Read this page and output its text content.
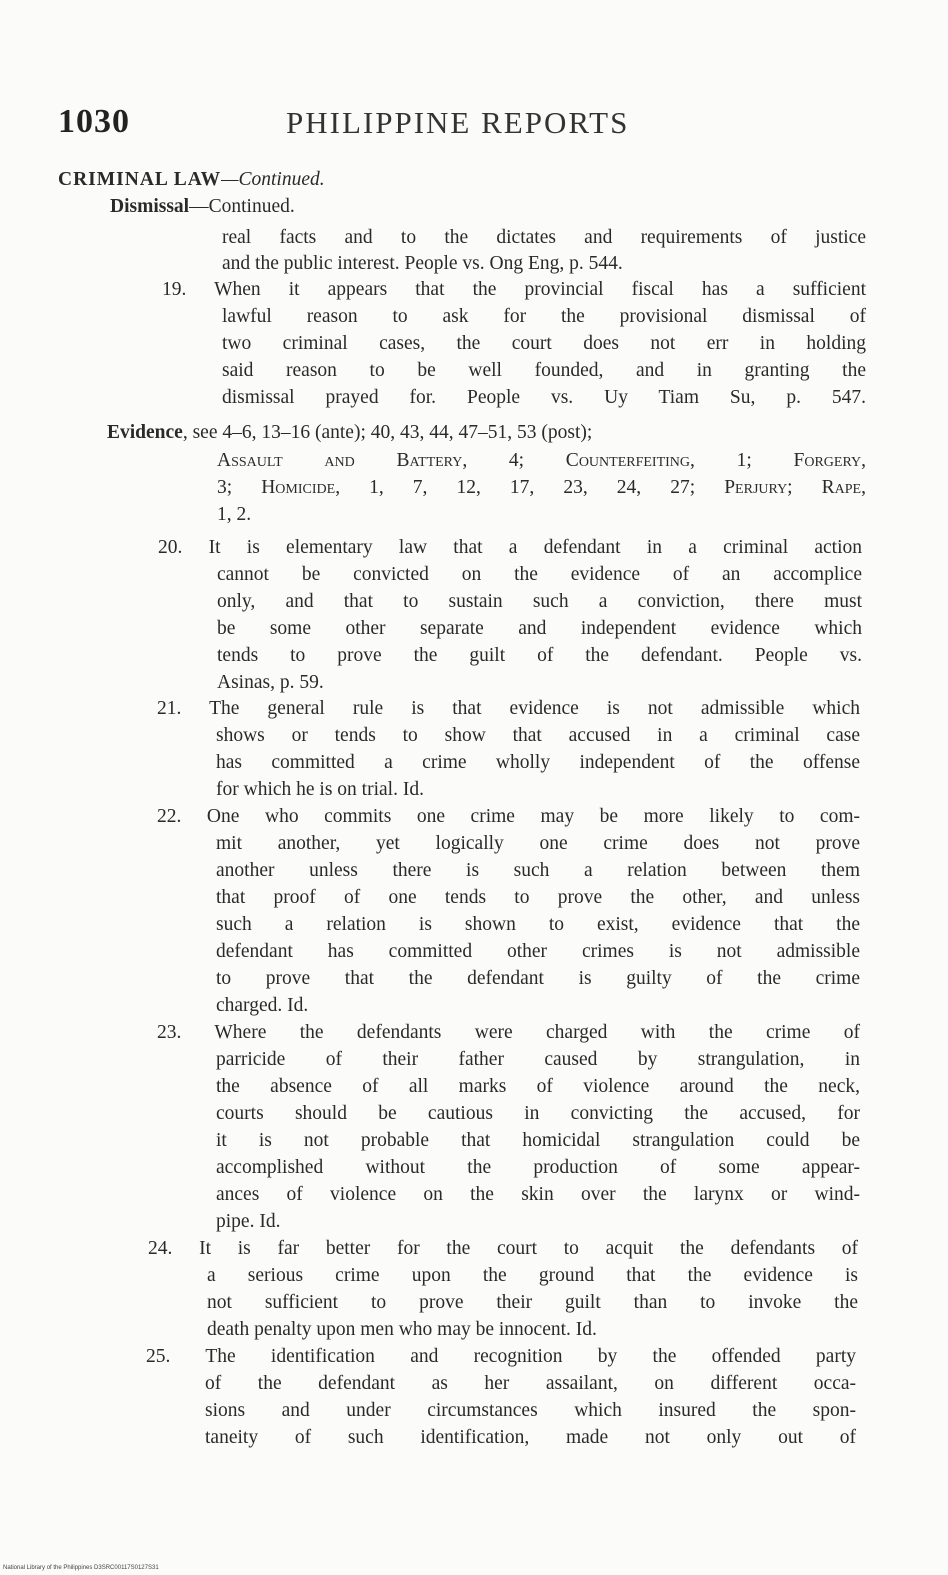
1030	PHILIPPINE REPORTS
CRIMINAL LAW—Continued.
Dismissal—Continued.
real facts and to the dictates and requirements of justice
and the public interest. People vs. Ong Eng, p. 544.
19. When it appears that the provincial fiscal has a sufficient
lawful reason to ask for the provisional dismissal of
two criminal cases, the court does not err in holding
said reason to be well founded, and in granting the
dismissal prayed for. People vs. Uy Tiam Su, p. 547.
Evidence, see 4–6, 13–16 (ante); 40, 43, 44, 47–51, 53 (post);
Assault and Battery, 4; Counterfeiting, 1; Forgery,
3; Homicide, 1, 7, 12, 17, 23, 24, 27; Perjury; Rape,
1, 2.
20. It is elementary law that a defendant in a criminal action
cannot be convicted on the evidence of an accomplice
only, and that to sustain such a conviction, there must
be some other separate and independent evidence which
tends to prove the guilt of the defendant. People vs.
Asinas, p. 59.
21. The general rule is that evidence is not admissible which
shows or tends to show that accused in a criminal case
has committed a crime wholly independent of the offense
for which he is on trial. Id.
22. One who commits one crime may be more likely to com-
mit another, yet logically one crime does not prove
another unless there is such a relation between them
that proof of one tends to prove the other, and unless
such a relation is shown to exist, evidence that the
defendant has committed other crimes is not admissible
to prove that the defendant is guilty of the crime
charged. Id.
23. Where the defendants were charged with the crime of
parricide of their father caused by strangulation, in
the absence of all marks of violence around the neck,
courts should be cautious in convicting the accused, for
it is not probable that homicidal strangulation could be
accomplished without the production of some appear-
ances of violence on the skin over the larynx or wind-
pipe. Id.
24. It is far better for the court to acquit the defendants of
a serious crime upon the ground that the evidence is
not sufficient to prove their guilt than to invoke the
death penalty upon men who may be innocent. Id.
25. The identification and recognition by the offended party
of the defendant as her assailant, on different occa-
sions and under circumstances which insured the spon-
taneity of such identification, made not only out of
National Library of the Philippines D3SRC00117S0127S31
